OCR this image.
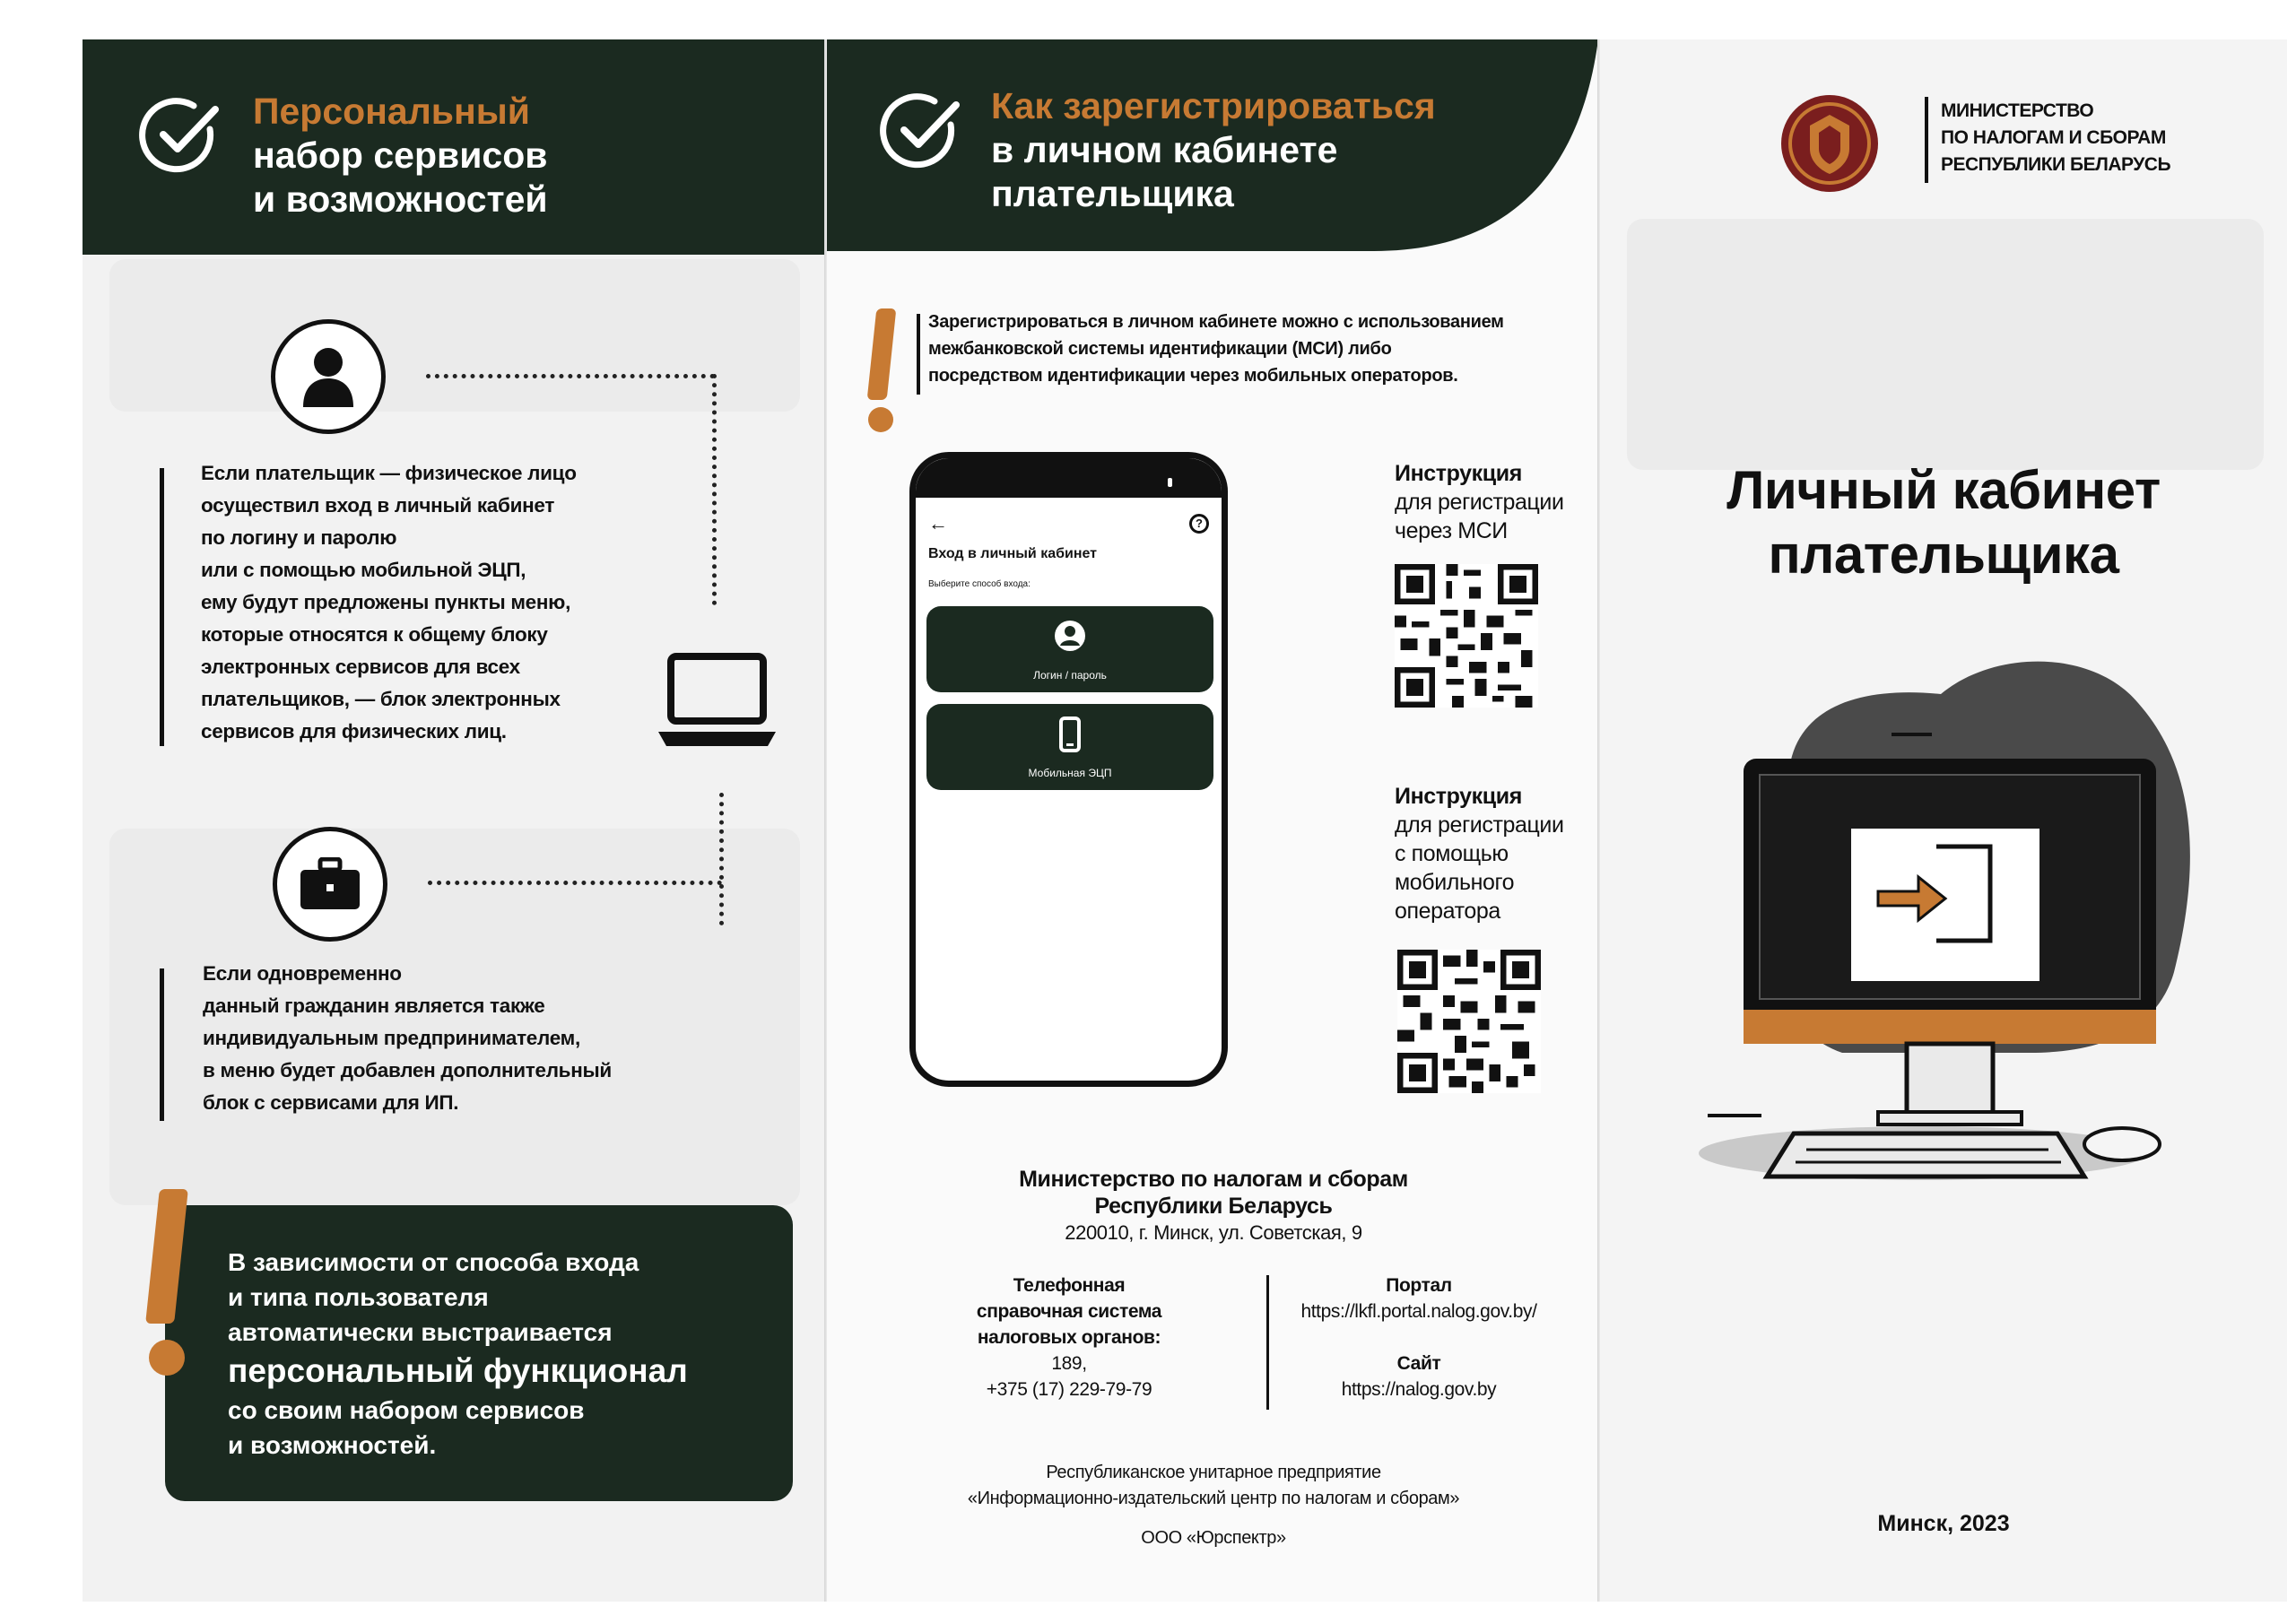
Персональный
набор сервисов
и возможностей
Если плательщик — физическое лицо
осуществил вход в личный кабинет
по логину и паролю
или с помощью мобильной ЭЦП,
ему будут предложены пункты меню,
которые относятся к общему блоку
электронных сервисов для всех
плательщиков, — блок электронных
сервисов для физических лиц.
Если одновременно
данный гражданин является также
индивидуальным предпринимателем,
в меню будет добавлен дополнительный
блок с сервисами для ИП.
В зависимости от способа входа
и типа пользователя
автоматически выстраивается
персональный функционал
со своим набором сервисов
и возможностей.
Как зарегистрироваться
в личном кабинете
плательщика
Зарегистрироваться в личном кабинете можно с использованием
межбанковской системы идентификации (МСИ) либо
посредством идентификации через мобильных операторов.
←	?
Вход в личный кабинет
Выберите способ входа:
Логин / пароль
Мобильная ЭЦП
Инструкция
для регистрации
через МСИ
Инструкция
для регистрации
с помощью
мобильного
оператора
Министерство по налогам и сборам
Республики Беларусь
220010, г. Минск, ул. Советская, 9
Телефонная
справочная система
налоговых органов:
189,
+375 (17) 229-79-79
Портал
https://lkfl.portal.nalog.gov.by/
Сайт
https://nalog.gov.by
Республиканское унитарное предприятие
«Информационно-издательский центр по налогам и сборам»
ООО «Юрспектр»
МИНИСТЕРСТВО
ПО НАЛОГАМ И СБОРАМ
РЕСПУБЛИКИ БЕЛАРУСЬ
Личный кабинет
плательщика
Минск, 2023
